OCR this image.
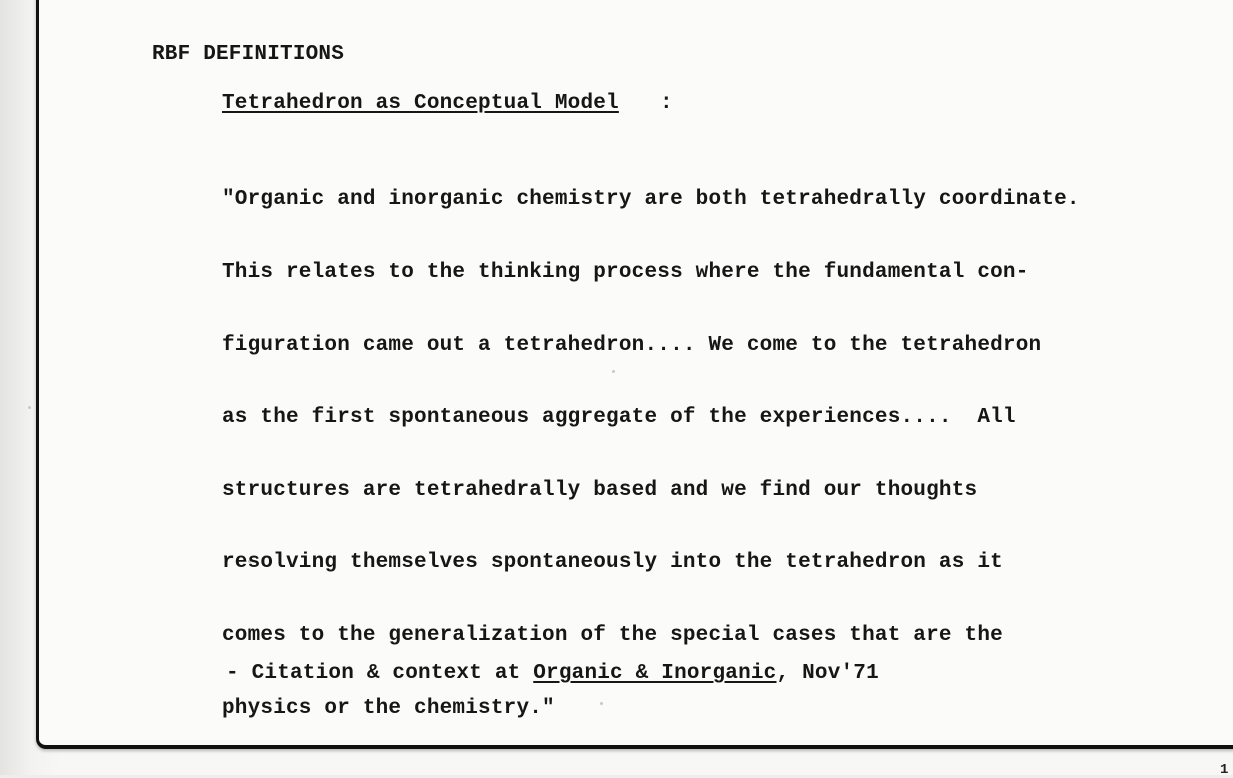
RBF DEFINITIONS
Tetrahedron as Conceptual Model :

"Organic and inorganic chemistry are both tetrahedrally coordinate.

This relates to the thinking process where the fundamental con-

figuration came out a tetrahedron.... We come to the tetrahedron

as the first spontaneous aggregate of the experiences....  All

structures are tetrahedrally based and we find our thoughts

resolving themselves spontaneously into the tetrahedron as it

comes to the generalization of the special cases that are the

physics or the chemistry."

- Citation & context at Organic & Inorganic, Nov'71
1
